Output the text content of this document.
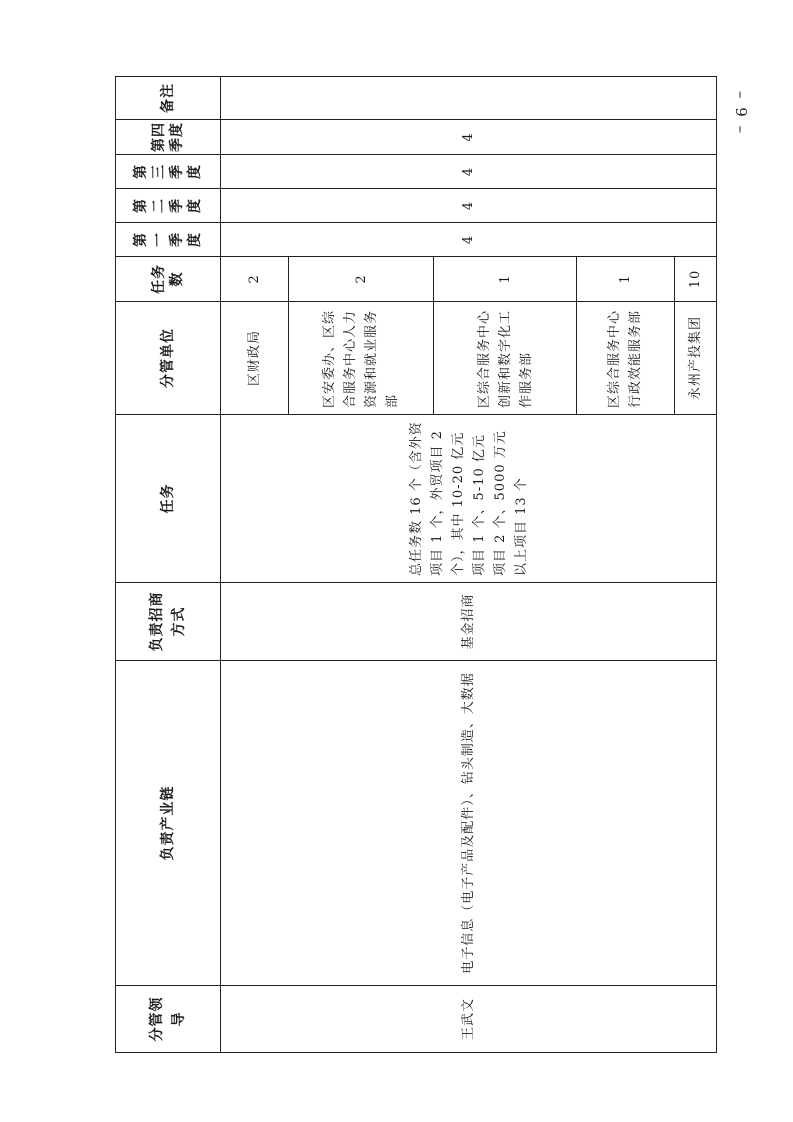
– 9 –
分管领导	负责产业链	负责招商方式	任务	分管单位	任务数	第一季度	第二季度	第三季度	第四季度	备注
王武文	电子信息（电子产品及配件）、钻头制造、大数据	基金招商	总任务数 16 个（含外资项目 1 个，外贸项目 2 个），其中 10-20 亿元项目 1 个、5-10 亿元项目 2 个、5000 万元以上项目 13 个	区财政局	2	4	4	4	4	
				区安委办、区综合服务中心人力资源和就业服务部	2					
				区综合服务中心创新和数字化工作服务部	1					
				区综合服务中心行政效能服务部	1					
				永州产投集团	10					
